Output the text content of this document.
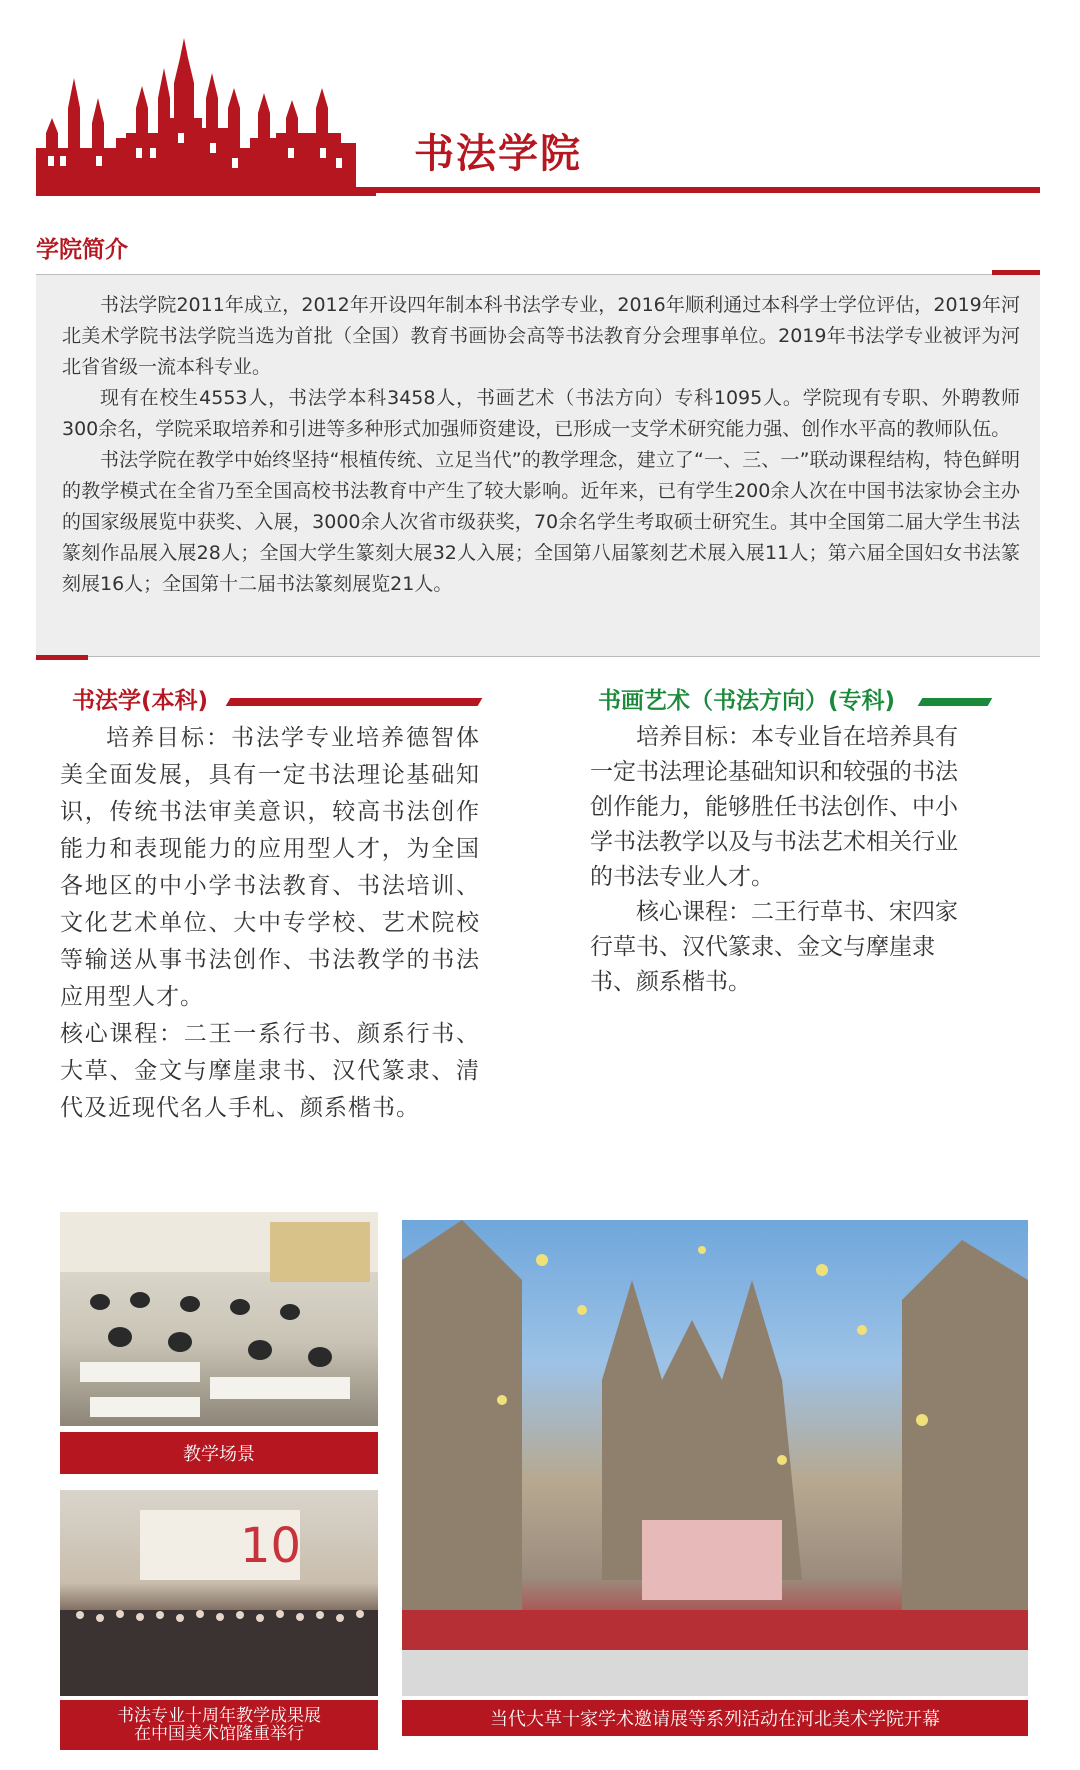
书法学院
学院简介

书法学院2011年成立，2012年开设四年制本科书法学专业，2016年顺利通过本科学士学位评估，2019年河北美术学院书法学院当选为首批（全国）教育书画协会高等书法教育分会理事单位。2019年书法学专业被评为河北省省级一流本科专业。

现有在校生4553人，书法学本科3458人，书画艺术（书法方向）专科1095人。学院现有专职、外聘教师300余名，学院采取培养和引进等多种形式加强师资建设，已形成一支学术研究能力强、创作水平高的教师队伍。

书法学院在教学中始终坚持“根植传统、立足当代”的教学理念，建立了“一、三、一”联动课程结构，特色鲜明的教学模式在全省乃至全国高校书法教育中产生了较大影响。近年来，已有学生200余人次在中国书法家协会主办的国家级展览中获奖、入展，3000余人次省市级获奖，70余名学生考取硕士研究生。其中全国第二届大学生书法篆刻作品展入展28人；全国大学生篆刻大展32人入展；全国第八届篆刻艺术展入展11人；第六届全国妇女书法篆刻展16人；全国第十二届书法篆刻展览21人。

书法学(本科)

培养目标：书法学专业培养德智体美全面发展，具有一定书法理论基础知识，传统书法审美意识，较高书法创作能力和表现能力的应用型人才，为全国各地区的中小学书法教育、书法培训、文化艺术单位、大中专学校、艺术院校等输送从事书法创作、书法教学的书法应用型人才。

核心课程：二王一系行书、颜系行书、大草、金文与摩崖隶书、汉代篆隶、清代及近现代名人手札、颜系楷书。

书画艺术（书法方向）(专科)

培养目标：本专业旨在培养具有一定书法理论基础知识和较强的书法创作能力，能够胜任书法创作、中小学书法教学以及与书法艺术相关行业的书法专业人才。

核心课程：二王行草书、宋四家行草书、汉代篆隶、金文与摩崖隶书、颜系楷书。

教学场景
10
书法专业十周年教学成果展
在中国美术馆隆重举行
当代大草十家学术邀请展等系列活动在河北美术学院开幕
